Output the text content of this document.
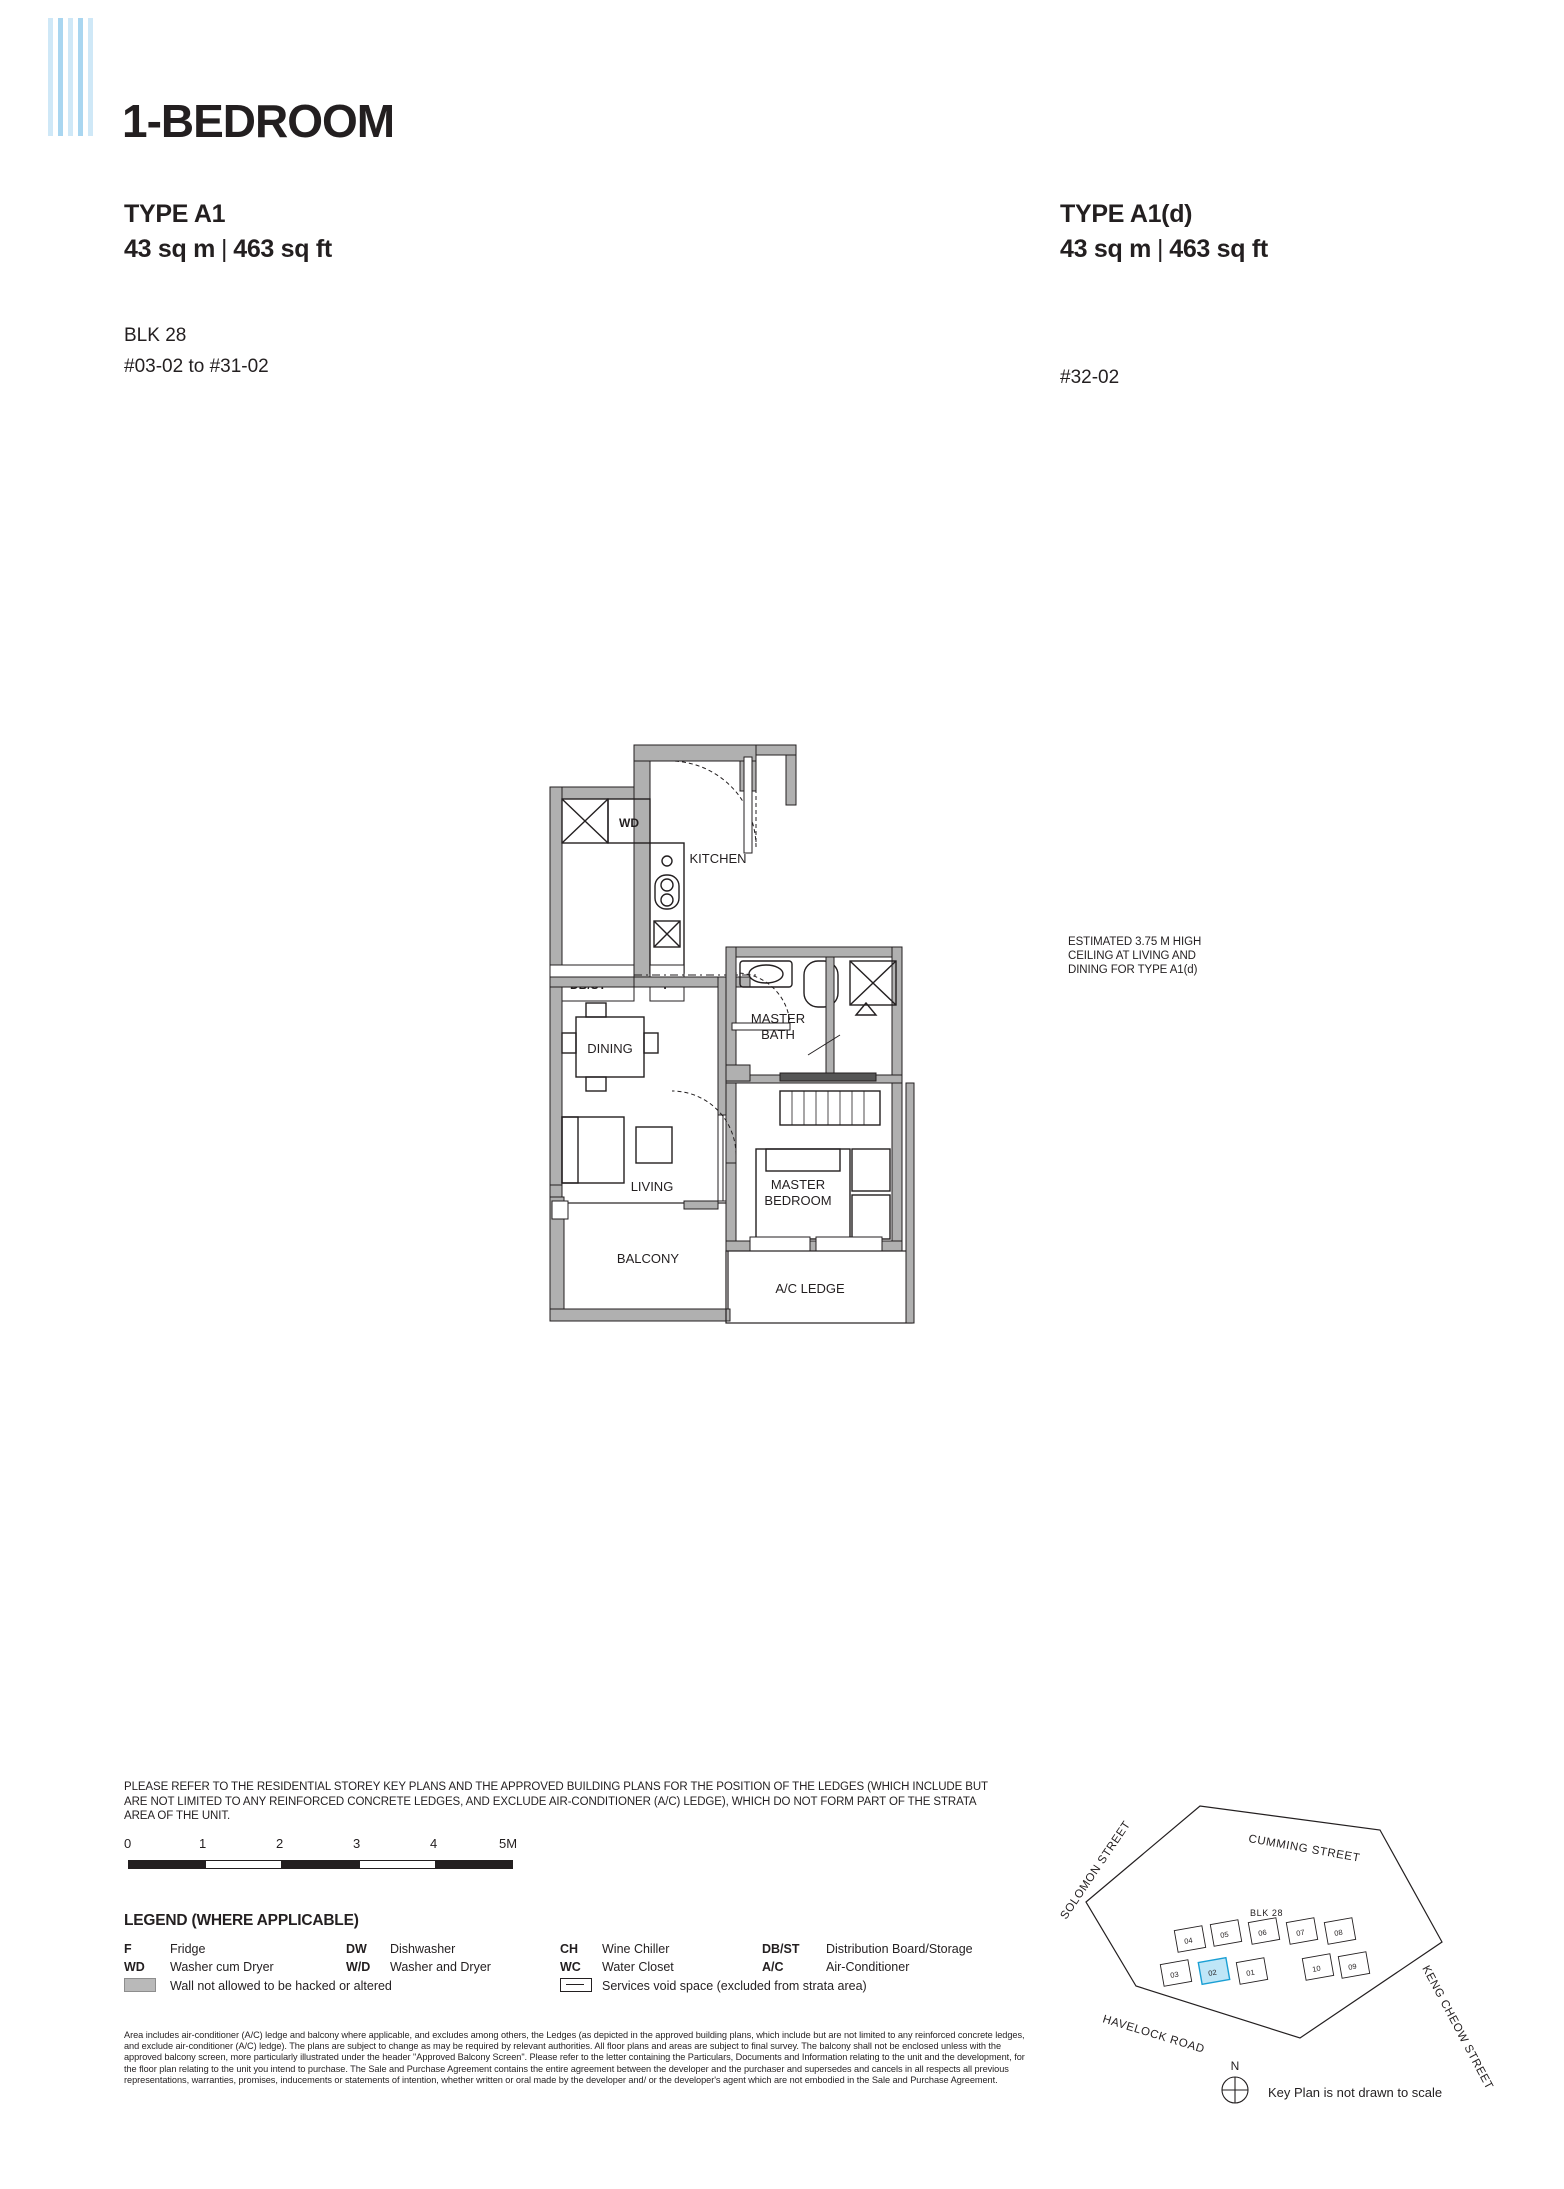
1-BEDROOM
TYPE A1
43 sq m | 463 sq ft
BLK 28
#03-02 to #31-02
TYPE A1(d)
43 sq m | 463 sq ft
#32-02
WD
KITCHEN
DINING
LIVING
BALCONY
MASTER
BATH
MASTER
BEDROOM
A/C LEDGE
ESTIMATED 3.75 M HIGH
CEILING AT LIVING AND
DINING FOR TYPE A1(d)
PLEASE REFER TO THE RESIDENTIAL STOREY KEY PLANS AND THE APPROVED BUILDING PLANS FOR THE POSITION OF THE LEDGES (WHICH INCLUDE BUT ARE NOT LIMITED TO ANY REINFORCED CONCRETE LEDGES, AND EXCLUDE AIR-CONDITIONER (A/C) LEDGE), WHICH DO NOT FORM PART OF THE STRATA AREA OF THE UNIT.
0	1	2	3	4	5M
LEGEND (WHERE APPLICABLE)
F	Fridge	DW	Dishwasher	CH	Wine Chiller	DB/ST	Distribution Board/Storage
WD	Washer cum Dryer	W/D	Washer and Dryer	WC	Water Closet	A/C	Air-Conditioner
	Wall not allowed to be hacked or altered				Services void space (excluded from strata area)		
Area includes air-conditioner (A/C) ledge and balcony where applicable, and excludes among others, the Ledges (as depicted in the approved building plans, which include but are not limited to any reinforced concrete ledges, and exclude air-conditioner (A/C) ledge). The plans are subject to change as may be required by relevant authorities. All floor plans and areas are subject to final survey. The balcony shall not be enclosed unless with the approved balcony screen, more particularly illustrated under the header "Approved Balcony Screen". Please refer to the letter containing the Particulars, Documents and Information relating to the unit and the development, for the floor plan relating to the unit you intend to purchase. The Sale and Purchase Agreement contains the entire agreement between the developer and the purchaser and supersedes and cancels in all respects all previous representations, warranties, promises, inducements or statements of intention, whether written or oral made by the developer and/ or the developer's agent which are not embodied in the Sale and Purchase Agreement.
SOLOMON STREET	CUMMING STREET
HAVELOCK ROAD	KENG CHEOW STREET
BLK 28
04
05	06	07	08
03	02	01	10	09
N
Key Plan is not drawn to scale
